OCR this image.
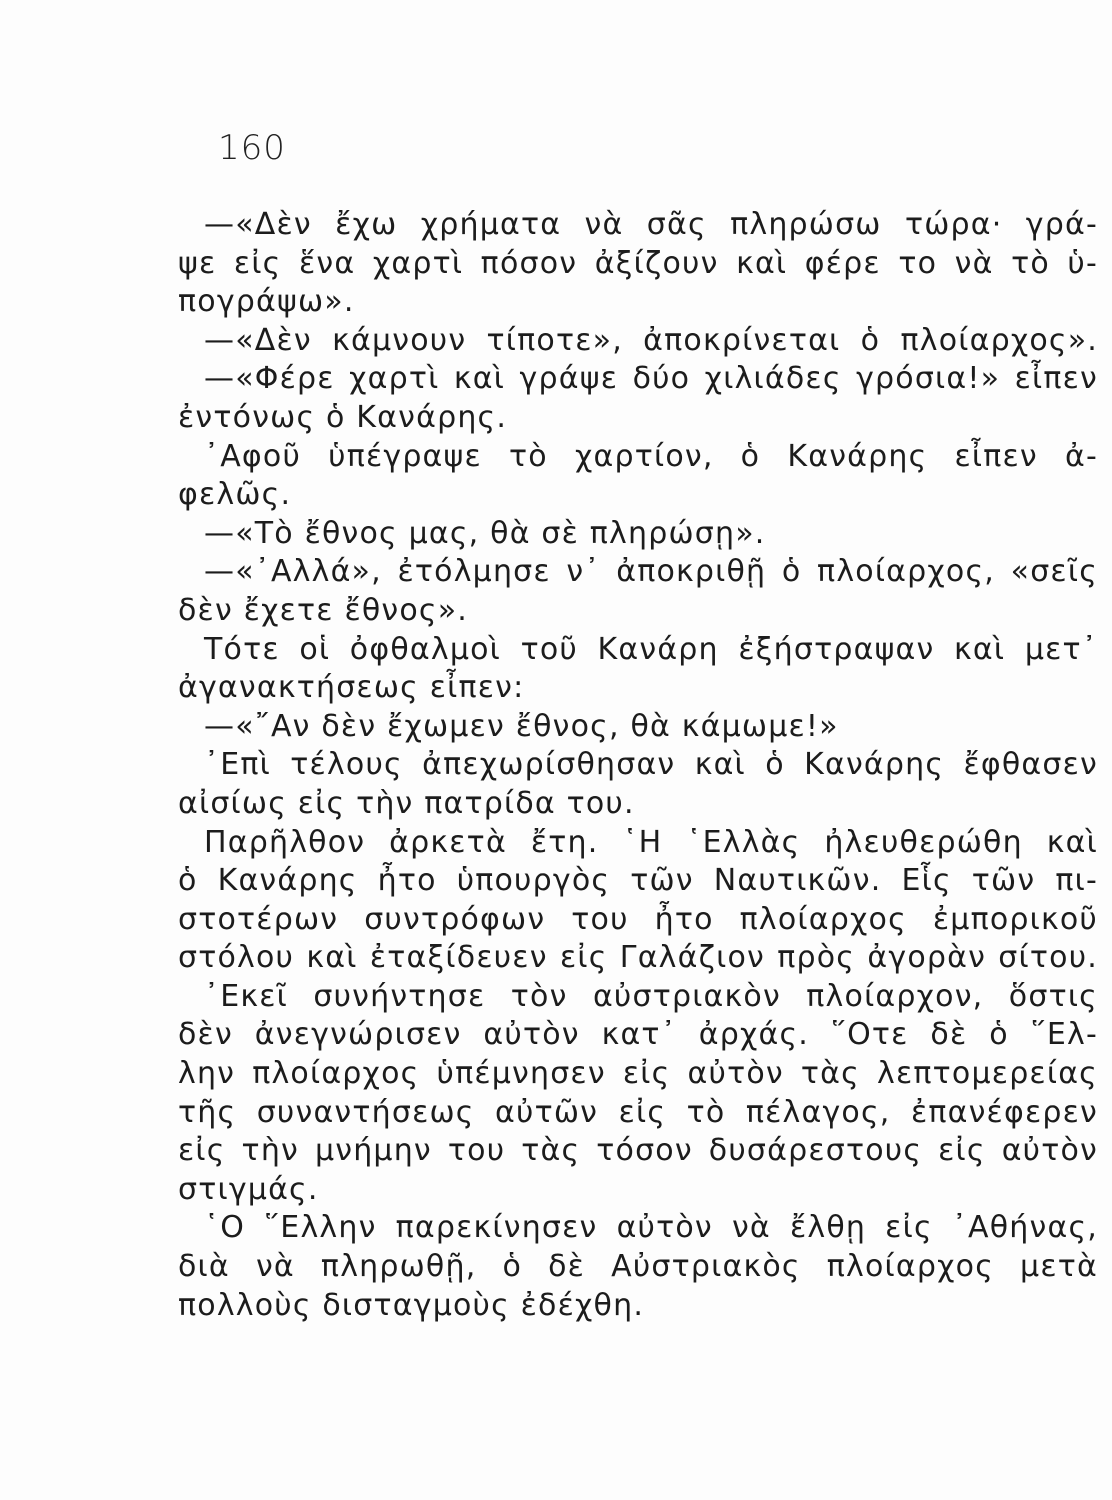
160
—«Δὲν ἔχω χρήματα νὰ σᾶς πληρώσω τώρα· γρά-
ψε εἰς ἕνα χαρτὶ πόσον ἀξίζουν καὶ φέρε το νὰ τὸ ὑ-
πογράψω».
—«Δὲν κάμνουν τίποτε», ἀποκρίνεται ὁ πλοίαρχος».
—«Φέρε χαρτὶ καὶ γράψε δύο χιλιάδες γρόσια!» εἶπεν
ἐντόνως ὁ Κανάρης.
᾿Αφοῦ ὑπέγραψε τὸ χαρτίον, ὁ Κανάρης εἶπεν ἀ-
φελῶς.
—«Τὸ ἔθνος μας, θὰ σὲ πληρώσῃ».
—«᾿Αλλά», ἐτόλμησε ν᾿ ἀποκριθῇ ὁ πλοίαρχος, «σεῖς
δὲν ἔχετε ἔθνος».
Τότε οἱ ὀφθαλμοὶ τοῦ Κανάρη ἐξήστραψαν καὶ μετ᾿
ἀγανακτήσεως εἶπεν:
—«῎Αν δὲν ἔχωμεν ἔθνος, θὰ κάμωμε!»
᾿Επὶ τέλους ἀπεχωρίσθησαν καὶ ὁ Κανάρης ἔφθασεν
αἰσίως εἰς τὴν πατρίδα του.
Παρῆλθον ἀρκετὰ ἔτη. ῾Η ῾Ελλὰς ἠλευθερώθη καὶ
ὁ Κανάρης ἦτο ὑπουργὸς τῶν Ναυτικῶν. Εἷς τῶν πι-
στοτέρων συντρόφων του ἦτο πλοίαρχος ἐμπορικοῦ
στόλου καὶ ἐταξίδευεν εἰς Γαλάζιον πρὸς ἀγορὰν σίτου.
᾿Εκεῖ συνήντησε τὸν αὐστριακὸν πλοίαρχον, ὅστις
δὲν ἀνεγνώρισεν αὐτὸν κατ᾿ ἀρχάς. ῞Οτε δὲ ὁ ῞Ελ-
λην πλοίαρχος ὑπέμνησεν εἰς αὐτὸν τὰς λεπτομερείας
τῆς συναντήσεως αὐτῶν εἰς τὸ πέλαγος, ἐπανέφερεν
εἰς τὴν μνήμην του τὰς τόσον δυσάρεστους εἰς αὐτὸν
στιγμάς.
῾Ο ῞Ελλην παρεκίνησεν αὐτὸν νὰ ἔλθῃ εἰς ᾿Αθήνας,
διὰ νὰ πληρωθῇ, ὁ δὲ Αὐστριακὸς πλοίαρχος μετὰ
πολλοὺς δισταγμοὺς ἐδέχθη.
